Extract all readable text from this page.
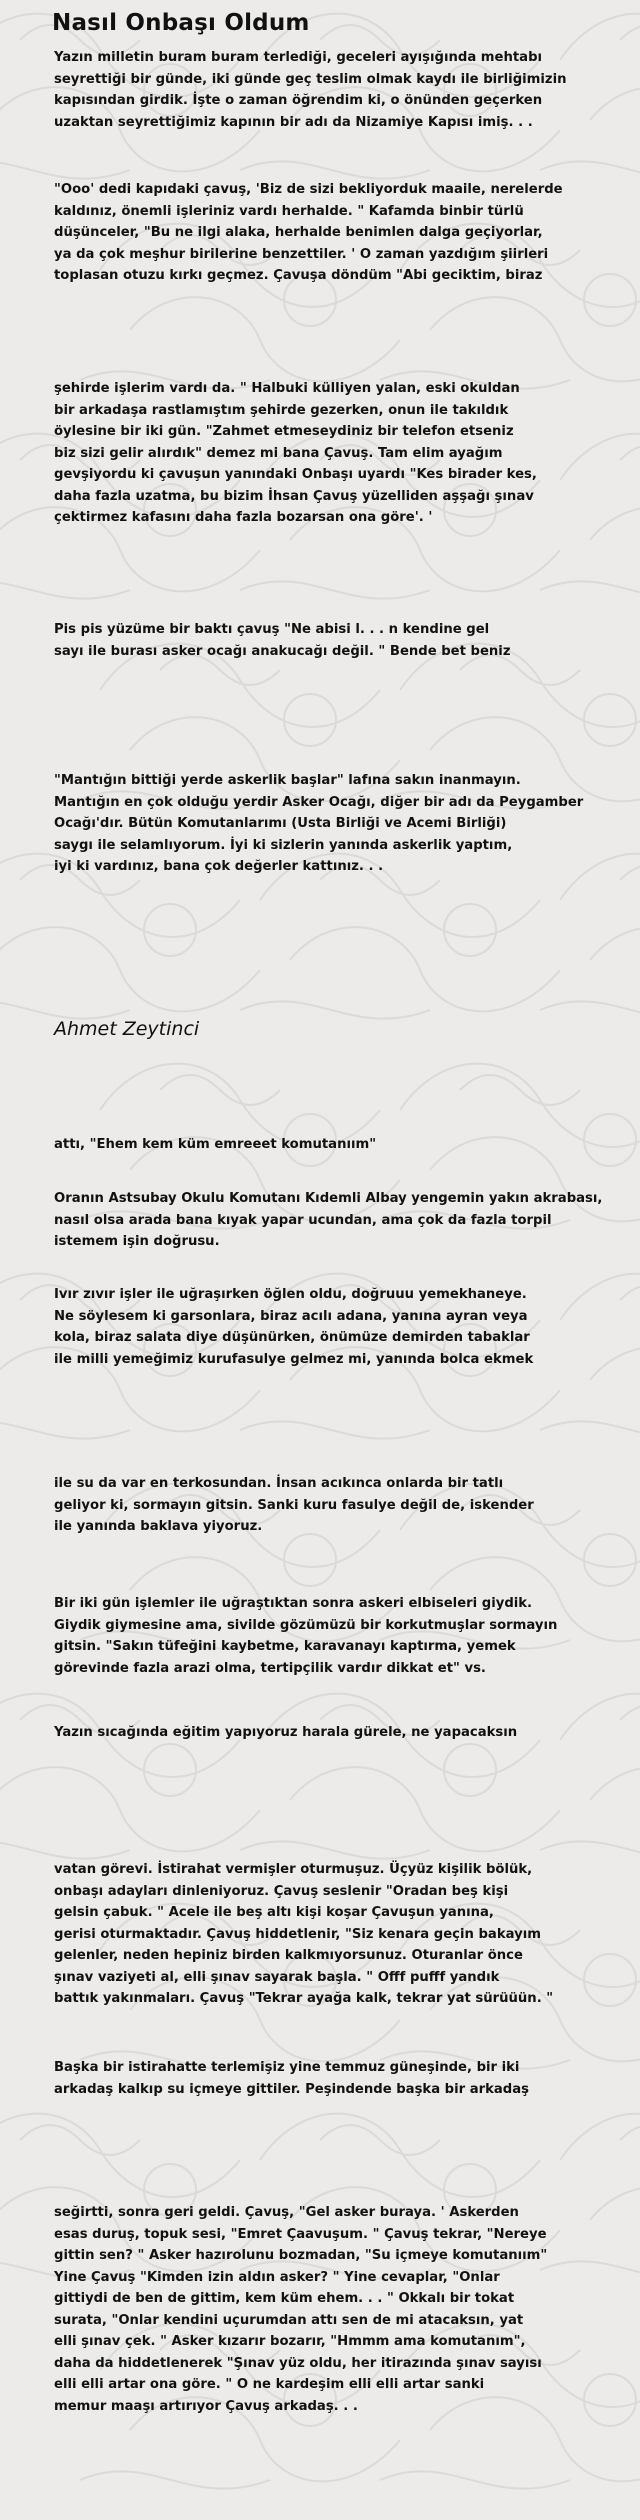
Nasıl Onbaşı Oldum

Yazın milletin buram buram terlediği, geceleri ayışığında mehtabı
seyrettiği bir günde, iki günde geç teslim olmak kaydı ile birliğimizin
kapısından girdik. İşte o zaman öğrendim ki, o önünden geçerken
uzaktan seyrettiğimiz kapının bir adı da Nizamiye Kapısı imiş. . .

"Ooo' dedi kapıdaki çavuş, 'Biz de sizi bekliyorduk maaile, nerelerde
kaldınız, önemli işleriniz vardı herhalde. " Kafamda binbir türlü
düşünceler, "Bu ne ilgi alaka, herhalde benimlen dalga geçiyorlar,
ya da çok meşhur birilerine benzettiler. ' O zaman yazdığım şiirleri
toplasan otuzu kırkı geçmez. Çavuşa döndüm "Abi geciktim, biraz

şehirde işlerim vardı da. " Halbuki külliyen yalan, eski okuldan
bir arkadaşa rastlamıştım şehirde gezerken, onun ile takıldık
öylesine bir iki gün. "Zahmet etmeseydiniz bir telefon etseniz
biz sizi gelir alırdık" demez mi bana Çavuş. Tam elim ayağım
gevşiyordu ki çavuşun yanındaki Onbaşı uyardı "Kes birader kes,
daha fazla uzatma, bu bizim İhsan Çavuş yüzelliden aşşağı şınav
çektirmez kafasını daha fazla bozarsan ona göre'. '

Pis pis yüzüme bir baktı çavuş "Ne abisi l. . . n kendine gel
sayı ile burası asker ocağı anakucağı değil. " Bende bet beniz

"Mantığın bittiği yerde askerlik başlar" lafına sakın inanmayın.
Mantığın en çok olduğu yerdir Asker Ocağı, diğer bir adı da Peygamber
Ocağı'dır. Bütün Komutanlarımı (Usta Birliği ve Acemi Birliği)
saygı ile selamlıyorum. İyi ki sizlerin yanında askerlik yaptım,
iyi ki vardınız, bana çok değerler kattınız. . .

Ahmet Zeytinci

attı, "Ehem kem küm emreeet komutanıım"

Oranın Astsubay Okulu Komutanı Kıdemli Albay yengemin yakın akrabası,
nasıl olsa arada bana kıyak yapar ucundan, ama çok da fazla torpil
istemem işin doğrusu.

Ivır zıvır işler ile uğraşırken öğlen oldu, doğruuu yemekhaneye.
Ne söylesem ki garsonlara, biraz acılı adana, yanına ayran veya
kola, biraz salata diye düşünürken, önümüze demirden tabaklar
ile milli yemeğimiz kurufasulye gelmez mi, yanında bolca ekmek

ile su da var en terkosundan. İnsan acıkınca onlarda bir tatlı
geliyor ki, sormayın gitsin. Sanki kuru fasulye değil de, iskender
ile yanında baklava yiyoruz.

Bir iki gün işlemler ile uğraştıktan sonra askeri elbiseleri giydik.
Giydik giymesine ama, sivilde gözümüzü bir korkutmuşlar sormayın
gitsin. "Sakın tüfeğini kaybetme, karavanayı kaptırma, yemek
görevinde fazla arazi olma, tertipçilik vardır dikkat et" vs.

Yazın sıcağında eğitim yapıyoruz harala gürele, ne yapacaksın

vatan görevi. İstirahat vermişler oturmuşuz. Üçyüz kişilik bölük,
onbaşı adayları dinleniyoruz. Çavuş seslenir "Oradan beş kişi
gelsin çabuk. " Acele ile beş altı kişi koşar Çavuşun yanına,
gerisi oturmaktadır. Çavuş hiddetlenir, "Siz kenara geçin bakayım
gelenler, neden hepiniz birden kalkmıyorsunuz. Oturanlar önce
şınav vaziyeti al, elli şınav sayarak başla. " Offf pufff yandık
battık yakınmaları. Çavuş "Tekrar ayağa kalk, tekrar yat sürüüün. "

Başka bir istirahatte terlemişiz yine temmuz güneşinde, bir iki
arkadaş kalkıp su içmeye gittiler. Peşindende başka bir arkadaş

seğirtti, sonra geri geldi. Çavuş, "Gel asker buraya. ' Askerden
esas duruş, topuk sesi, "Emret Çaavuşum. " Çavuş tekrar, "Nereye
gittin sen? " Asker hazırolunu bozmadan, "Su içmeye komutanıım"
Yine Çavuş "Kimden izin aldın asker? " Yine cevaplar, "Onlar
gittiydi de ben de gittim, kem küm ehem. . . " Okkalı bir tokat
surata, "Onlar kendini uçurumdan attı sen de mi atacaksın, yat
elli şınav çek. " Asker kızarır bozarır, "Hmmm ama komutanım",
daha da hiddetlenerek "Şınav yüz oldu, her itirazında şınav sayısı
elli elli artar ona göre. " O ne kardeşim elli elli artar sanki
memur maaşı artırıyor Çavuş arkadaş. . .
